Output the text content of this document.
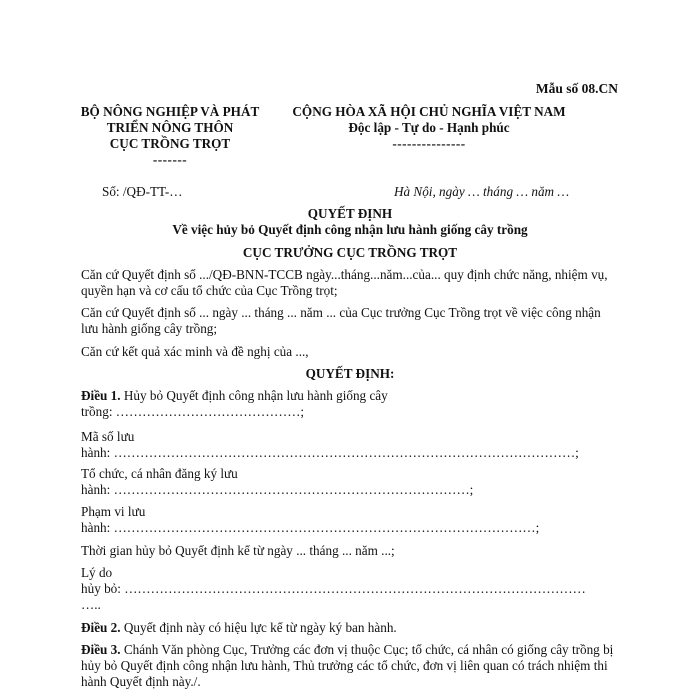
Mẫu số 08.CN
BỘ NÔNG NGHIỆP VÀ PHÁT
TRIỂN NÔNG THÔN
CỤC TRỒNG TRỌT
-------
CỘNG HÒA XÃ HỘI CHỦ NGHĨA VIỆT NAM
Độc lập - Tự do - Hạnh phúc
---------------
Số: /QĐ-TT-…	Hà Nội, ngày … tháng … năm …
QUYẾT ĐỊNH
Về việc hủy bỏ Quyết định công nhận lưu hành giống cây trồng
CỤC TRƯỞNG CỤC TRỒNG TRỌT

Căn cứ Quyết định số .../QĐ-BNN-TCCB ngày...tháng...năm...của... quy định chức năng, nhiệm vụ, quyền hạn và cơ cấu tổ chức của Cục Trồng trọt;

Căn cứ Quyết định số ... ngày ... tháng ... năm ... của Cục trưởng Cục Trồng trọt về việc công nhận lưu hành giống cây trồng;

Căn cứ kết quả xác minh và đề nghị của ...,

QUYẾT ĐỊNH:
Điều 1. Hủy bỏ Quyết định công nhận lưu hành giống cây
trồng: ……………………………………;
Mã số lưu
hành: ……………………………………………………………………………………………;
Tổ chức, cá nhân đăng ký lưu
hành: ………………………………………………………………………;
Phạm vi lưu
hành: ……………………………………………………………………………………;
Thời gian hủy bỏ Quyết định kể từ ngày ... tháng ... năm ...;
Lý do
hủy bỏ: ……………………………………………………………………………………………
…..
Điều 2. Quyết định này có hiệu lực kể từ ngày ký ban hành.

Điều 3. Chánh Văn phòng Cục, Trưởng các đơn vị thuộc Cục; tổ chức, cá nhân có giống cây trồng bị hủy bỏ Quyết định công nhận lưu hành, Thủ trưởng các tổ chức, đơn vị liên quan có trách nhiệm thi hành Quyết định này./.
